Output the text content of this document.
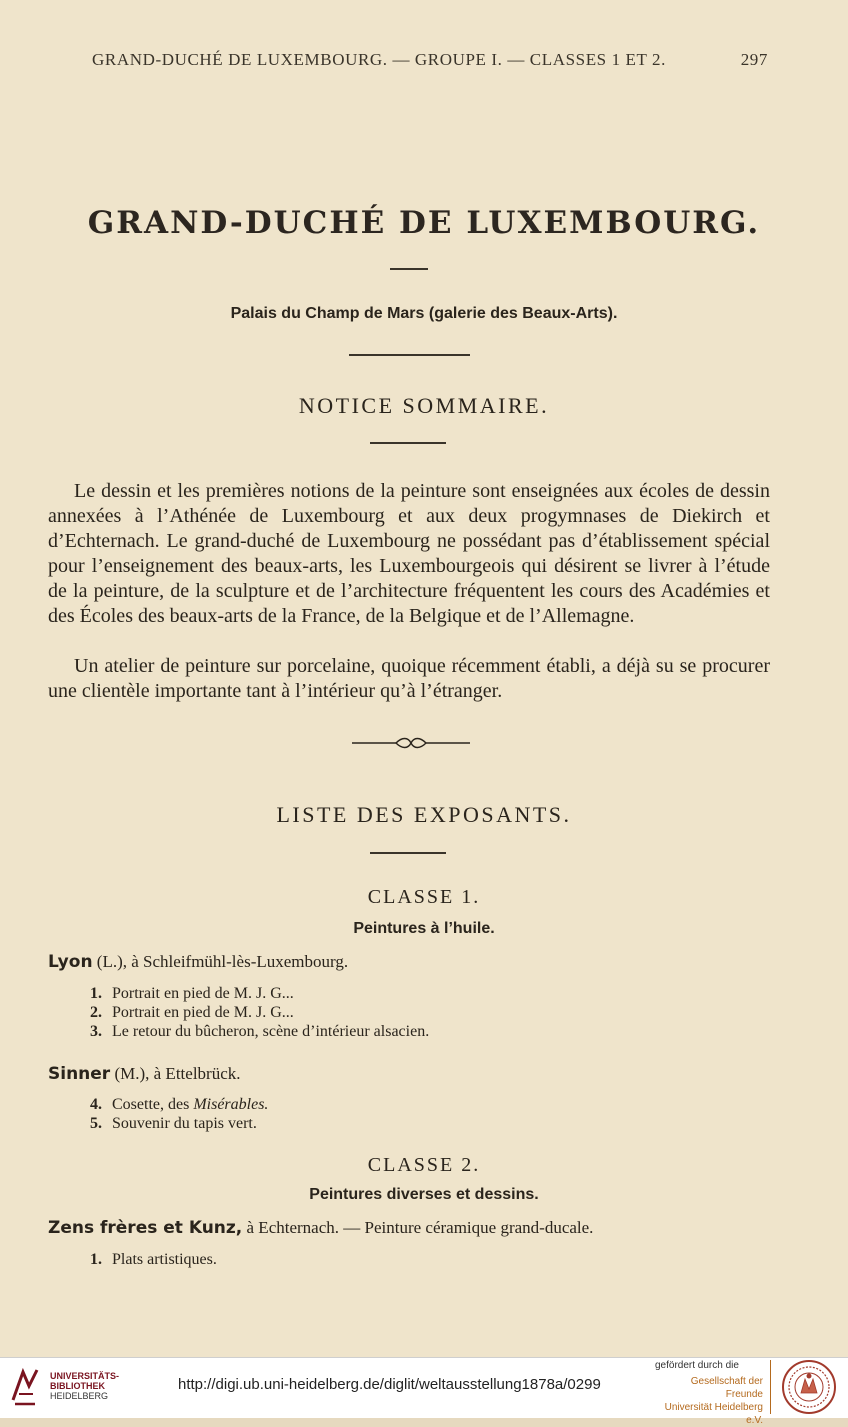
GRAND-DUCHÉ DE LUXEMBOURG. — GROUPE I. — CLASSES 1 ET 2.	297
GRAND-DUCHÉ DE LUXEMBOURG.
Palais du Champ de Mars (galerie des Beaux-Arts).
NOTICE SOMMAIRE.
Le dessin et les premières notions de la peinture sont enseignées aux écoles de dessin annexées à l’Athénée de Luxembourg et aux deux progymnases de Diekirch et d’Echternach. Le grand-duché de Luxembourg ne possédant pas d’établissement spécial pour l’enseignement des beaux-arts, les Luxembourgeois qui désirent se livrer à l’étude de la peinture, de la sculpture et de l’architecture fréquentent les cours des Académies et des Écoles des beaux-arts de la France, de la Belgique et de l’Allemagne.
Un atelier de peinture sur porcelaine, quoique récemment établi, a déjà su se procurer une clientèle importante tant à l’intérieur qu’à l’étranger.
LISTE DES EXPOSANTS.
CLASSE 1.
Peintures à l’huile.
Lyon (L.), à Schleifmühl-lès-Luxembourg.
1. Portrait en pied de M. J. G...
2. Portrait en pied de M. J. G...
3. Le retour du bûcheron, scène d’intérieur alsacien.
Sinner (M.), à Ettelbrück.
4. Cosette, des Misérables.
5. Souvenir du tapis vert.
CLASSE 2.
Peintures diverses et dessins.
Zens frères et Kunz, à Echternach. — Peinture céramique grand-ducale.
1. Plats artistiques.
UNIVERSITÄTS-
BIBLIOTHEK
HEIDELBERG
http://digi.ub.uni-heidelberg.de/diglit/weltausstellung1878a/0299
gefördert durch die
Gesellschaft der Freunde
Universität Heidelberg e.V.
